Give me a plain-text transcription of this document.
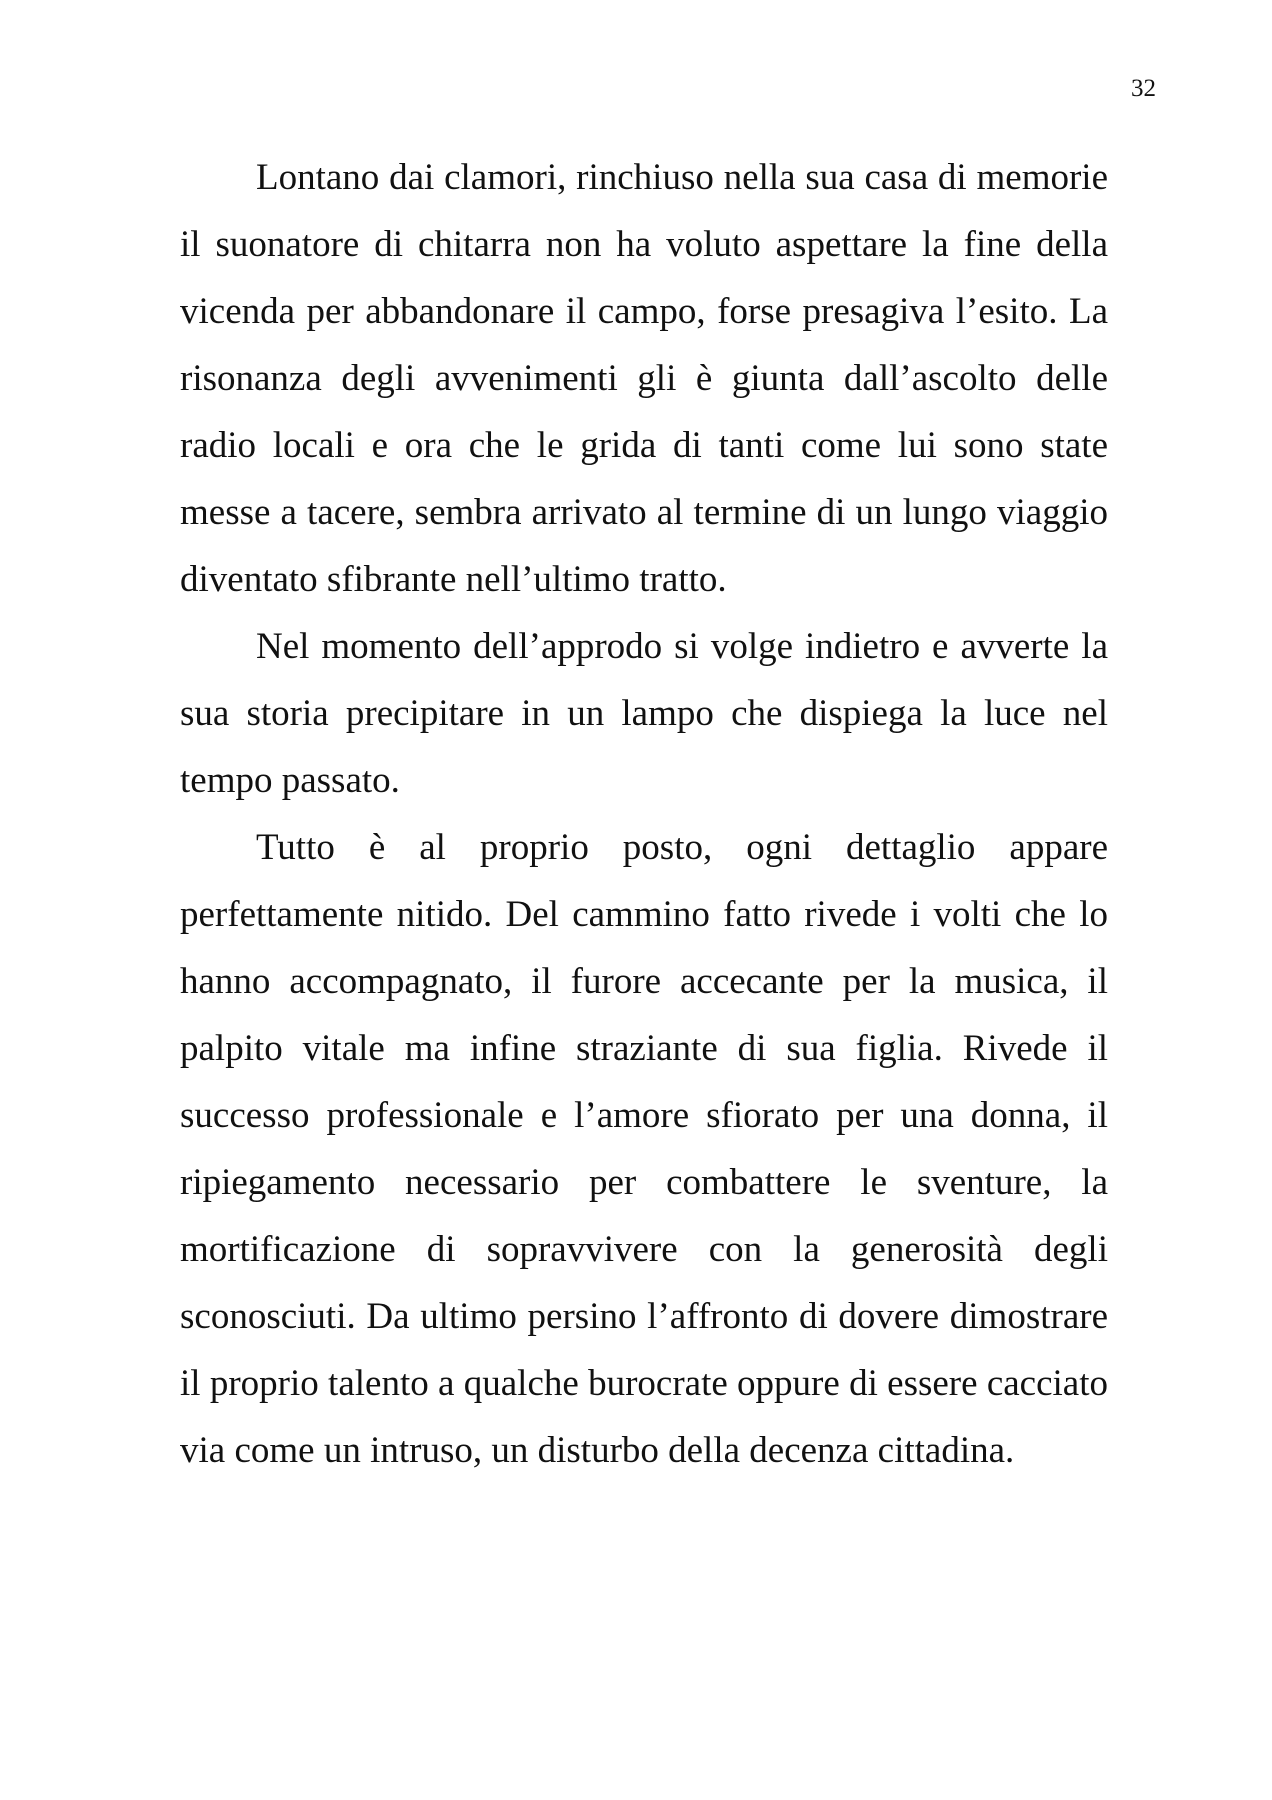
32

Lontano dai clamori, rinchiuso nella sua casa di memorie il suonatore di chitarra non ha voluto aspettare la fine della vicenda per abbandonare il campo, forse presagiva l’esito. La risonanza degli avvenimenti gli è giunta dall’ascolto delle radio locali e ora che le grida di tanti come lui sono state messe a tacere, sembra arrivato al termine di un lungo viaggio diventato sfibrante nell’ultimo tratto.

Nel momento dell’approdo si volge indietro e avverte la sua storia precipitare in un lampo che dispiega la luce nel tempo passato.

Tutto è al proprio posto, ogni dettaglio appare perfettamente nitido. Del cammino fatto rivede i volti che lo hanno accompagnato, il furore accecante per la musica, il palpito vitale ma infine straziante di sua figlia. Rivede il successo professionale e l’amore sfiorato per una donna, il ripiegamento necessario per combattere le sventure, la mortificazione di sopravvivere con la generosità degli sconosciuti. Da ultimo persino l’affronto di dovere dimostrare il proprio talento a qualche burocrate oppure di essere cacciato via come un intruso, un disturbo della decenza cittadina.
